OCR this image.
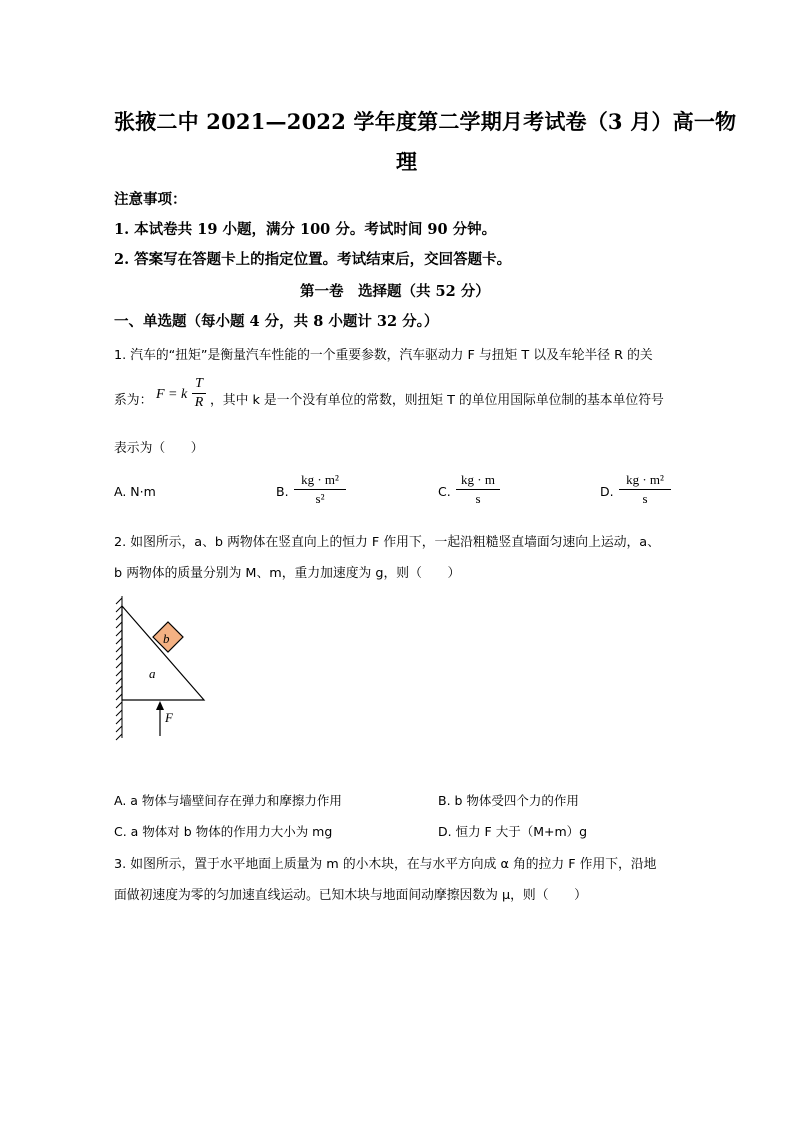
张掖二中 2021—2022 学年度第二学期月考试卷（3 月）高一物
理
注意事项：
1. 本试卷共 19 小题，满分 100 分。考试时间 90 分钟。
2. 答案写在答题卡上的指定位置。考试结束后，交回答题卡。
第一卷　选择题（共 52 分）
一、单选题（每小题 4 分，共 8 小题计 32 分。）
1. 汽车的“扭矩”是衡量汽车性能的一个重要参数，汽车驱动力 F 与扭矩 T 以及车轮半径 R 的关
系为： F = k
T
R ，其中 k 是一个没有单位的常数，则扭矩 T 的单位用国际单位制的基本单位符号
表示为（　　）
A. N·m	B.
kg · m²
s²	C.
kg · m
s	D.
kg · m²
s
2. 如图所示，a、b 两物体在竖直向上的恒力 F 作用下，一起沿粗糙竖直墙面匀速向上运动，a、
b 两物体的质量分别为 M、m，重力加速度为 g，则（　　）
b
a
F
A. a 物体与墙壁间存在弹力和摩擦力作用	B. b 物体受四个力的作用
C. a 物体对 b 物体的作用力大小为 mg	D. 恒力 F 大于（M+m）g
3. 如图所示，置于水平地面上质量为 m 的小木块，在与水平方向成 α 角的拉力 F 作用下，沿地
面做初速度为零的匀加速直线运动。已知木块与地面间动摩擦因数为 μ，则（　　）
